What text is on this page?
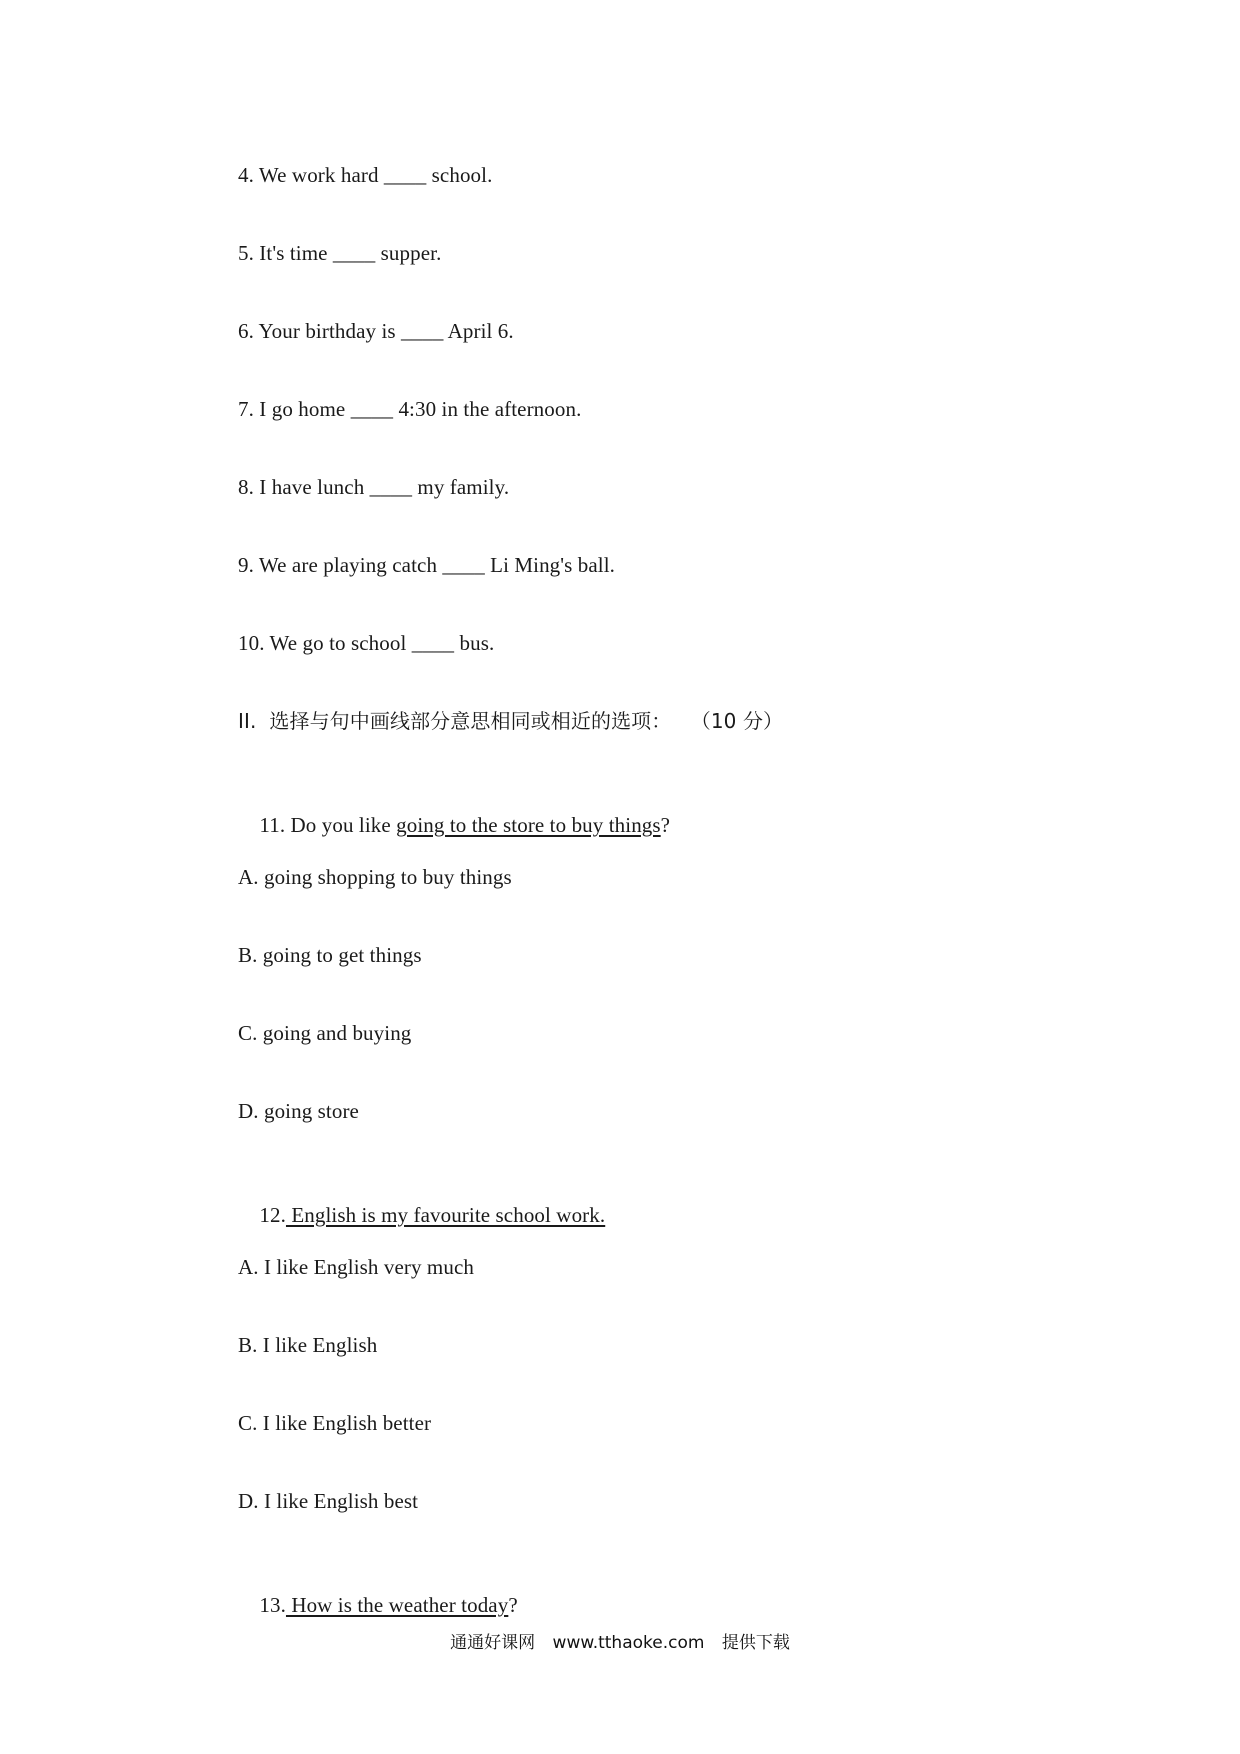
4. We work hard ____ school.
5. It's time ____ supper.
6. Your birthday is ____ April 6.
7. I go home ____ 4:30 in the afternoon.
8. I have lunch ____ my family.
9. We are playing catch ____ Li Ming's ball.
10. We go to school ____ bus.
II.  选择与句中画线部分意思相同或相近的选项：   （10 分）

11. Do you like going to the store to buy things?

A. going shopping to buy things
B. going to get things
C. going and buying
D. going store

12. English is my favourite school work.

A. I like English very much
B. I like English
C. I like English better
D. I like English best

13. How is the weather today?

通通好课网 www.tthaoke.com 提供下载
